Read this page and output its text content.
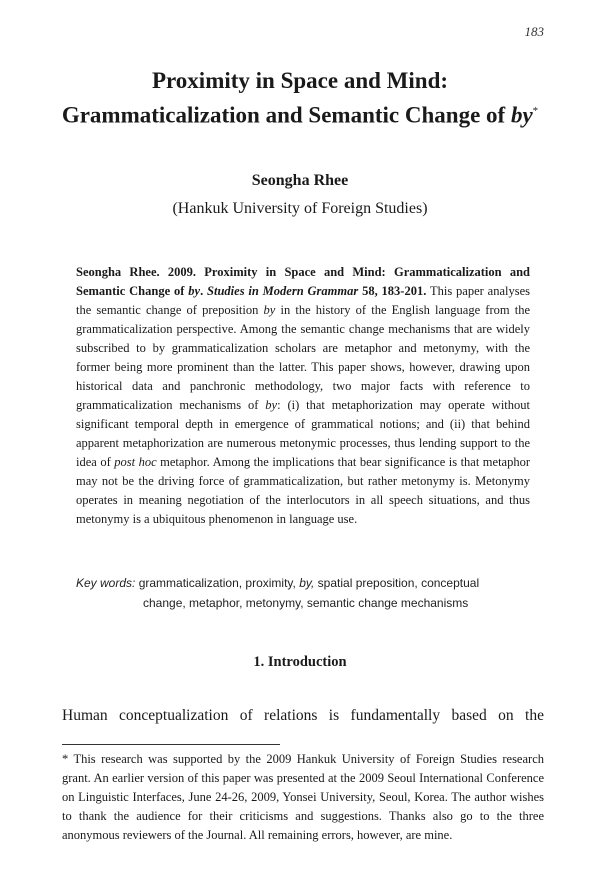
183
Proximity in Space and Mind:
Grammaticalization and Semantic Change of by*
Seongha Rhee
(Hankuk University of Foreign Studies)
Seongha Rhee. 2009. Proximity in Space and Mind: Grammaticalization and Semantic Change of by. Studies in Modern Grammar 58, 183-201. This paper analyses the semantic change of preposition by in the history of the English language from the grammaticalization perspective. Among the semantic change mechanisms that are widely subscribed to by grammaticalization scholars are metaphor and metonymy, with the former being more prominent than the latter. This paper shows, however, drawing upon historical data and panchronic methodology, two major facts with reference to grammaticalization mechanisms of by: (i) that metaphorization may operate without significant temporal depth in emergence of grammatical notions; and (ii) that behind apparent metaphorization are numerous metonymic processes, thus lending support to the idea of post hoc metaphor. Among the implications that bear significance is that metaphor may not be the driving force of grammaticalization, but rather metonymy is. Metonymy operates in meaning negotiation of the interlocutors in all speech situations, and thus metonymy is a ubiquitous phenomenon in language use.
Key words: grammaticalization, proximity, by, spatial preposition, conceptual
change, metaphor, metonymy, semantic change mechanisms
1. Introduction
Human conceptualization of relations is fundamentally based on the
* This research was supported by the 2009 Hankuk University of Foreign Studies research grant. An earlier version of this paper was presented at the 2009 Seoul International Conference on Linguistic Interfaces, June 24-26, 2009, Yonsei University, Seoul, Korea. The author wishes to thank the audience for their criticisms and suggestions. Thanks also go to the three anonymous reviewers of the Journal. All remaining errors, however, are mine.
